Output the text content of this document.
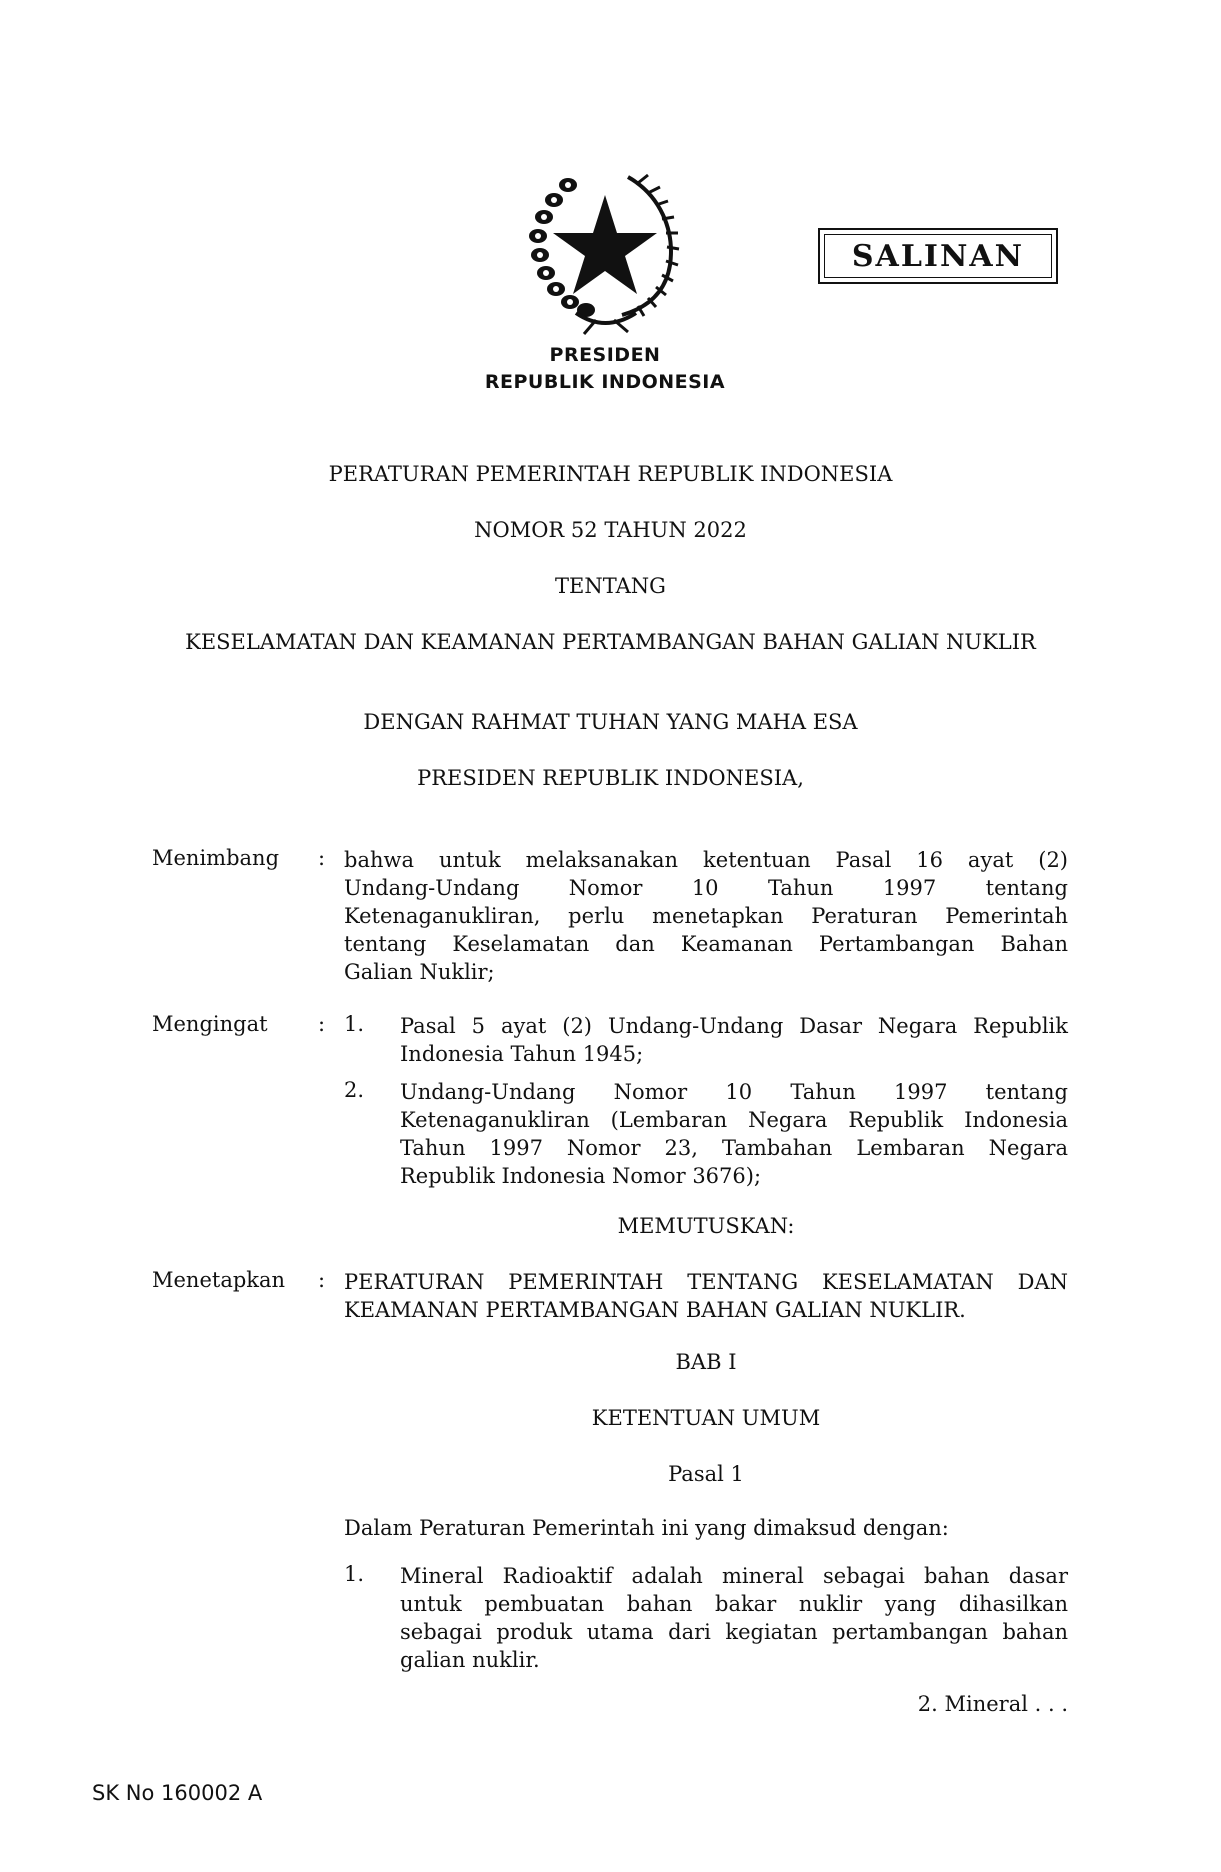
SALINAN
PRESIDEN
REPUBLIK INDONESIA
PERATURAN PEMERINTAH REPUBLIK INDONESIA
NOMOR 52 TAHUN 2022
TENTANG
KESELAMATAN DAN KEAMANAN PERTAMBANGAN BAHAN GALIAN NUKLIR
DENGAN RAHMAT TUHAN YANG MAHA ESA
PRESIDEN REPUBLIK INDONESIA,
Menimbang : bahwa untuk melaksanakan ketentuan Pasal 16 ayat (2)
Undang-Undang Nomor 10 Tahun 1997 tentang
Ketenaganukliran, perlu menetapkan Peraturan Pemerintah
tentang Keselamatan dan Keamanan Pertambangan Bahan
Galian Nuklir;
Mengingat : 1. Pasal 5 ayat (2) Undang-Undang Dasar Negara Republik
Indonesia Tahun 1945;
2. Undang-Undang Nomor 10 Tahun 1997 tentang
Ketenaganukliran (Lembaran Negara Republik Indonesia
Tahun 1997 Nomor 23, Tambahan Lembaran Negara
Republik Indonesia Nomor 3676);
MEMUTUSKAN:
Menetapkan : PERATURAN PEMERINTAH TENTANG KESELAMATAN DAN
KEAMANAN PERTAMBANGAN BAHAN GALIAN NUKLIR.
BAB I
KETENTUAN UMUM
Pasal 1
Dalam Peraturan Pemerintah ini yang dimaksud dengan:
1. Mineral Radioaktif adalah mineral sebagai bahan dasar
untuk pembuatan bahan bakar nuklir yang dihasilkan
sebagai produk utama dari kegiatan pertambangan bahan
galian nuklir.
2. Mineral . . .
SK No 160002 A
